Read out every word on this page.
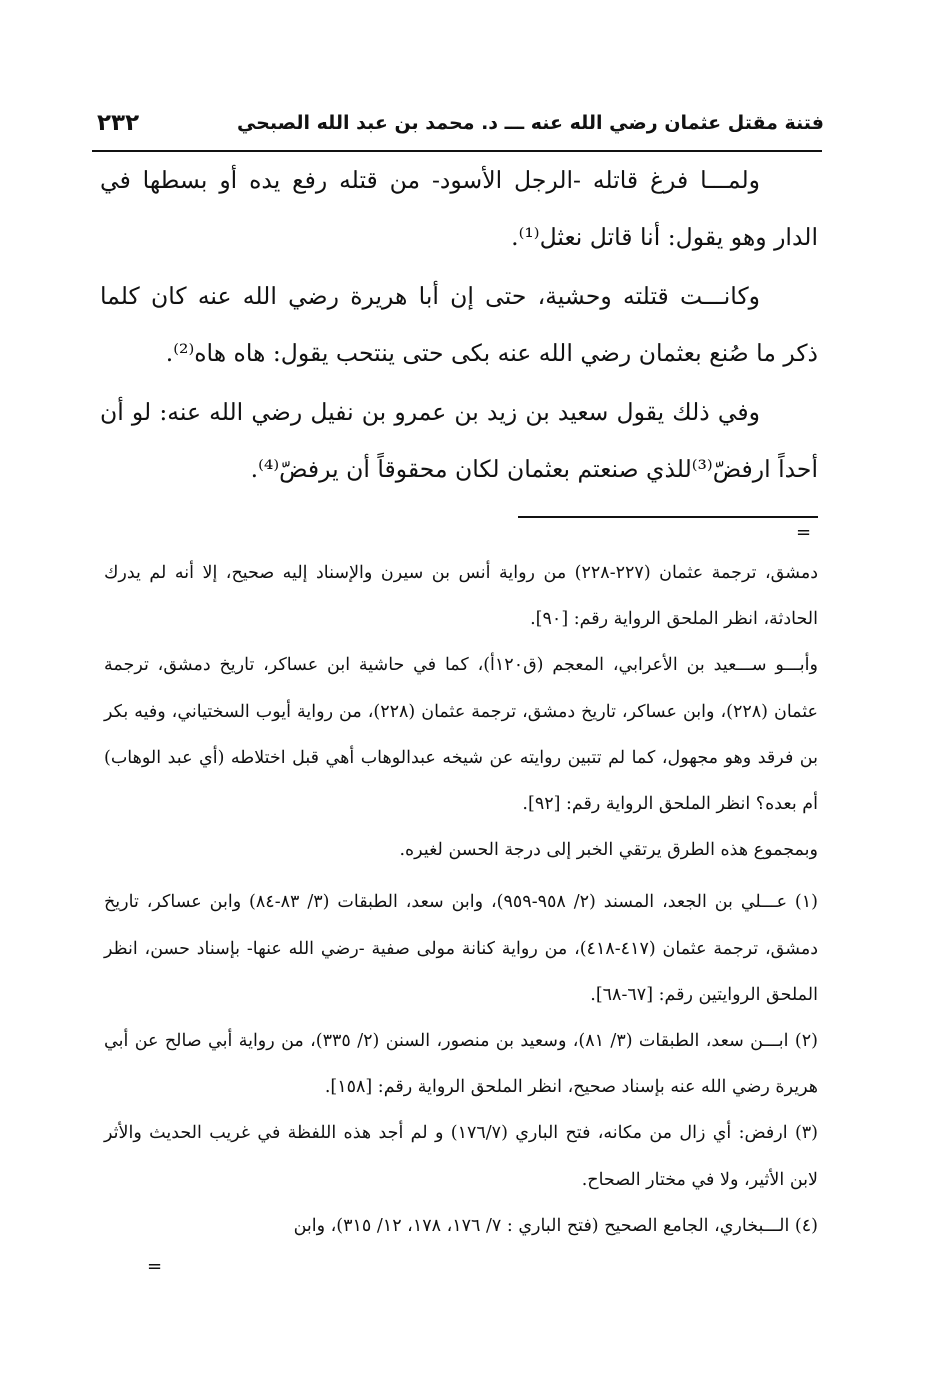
فتنة مقتل عثمان رضي الله عنه ـــ د. محمد بن عبد الله الصبحي
٢٣٢

ولمـــا فرغ قاتله -الرجل الأسود- من قتله رفع يده أو بسطها في الدار وهو يقول: أنا قاتل نعثل⁽¹⁾.

وكانـــت قتلته وحشية، حتى إن أبا هريرة رضي الله عنه كان كلما ذكر ما صُنع بعثمان رضي الله عنه بكى حتى ينتحب يقول: هاه هاه⁽²⁾.

وفي ذلك يقول سعيد بن زيد بن عمرو بن نفيل رضي الله عنه: لو أن أحداً ارفضّ⁽³⁾للذي صنعتم بعثمان لكان محقوقاً أن يرفضّ⁽⁴⁾.

=

دمشق، ترجمة عثمان (٢٢٧-٢٢٨) من رواية أنس بن سيرن والإسناد إليه صحيح، إلا أنه لم يدرك الحادثة، انظر الملحق الرواية رقم: [٩٠].

وأبـــو ســـعيد بن الأعرابي، المعجم (ق١٢٠أ)، كما في حاشية ابن عساكر، تاريخ دمشق، ترجمة عثمان (٢٢٨)، وابن عساكر، تاريخ دمشق، ترجمة عثمان (٢٢٨)، من رواية أيوب السختياني، وفيه بكر بن فرقد وهو مجهول، كما لم تتبين روايته عن شيخه عبدالوهاب أهي قبل اختلاطه (أي عبد الوهاب) أم بعده؟ انظر الملحق الرواية رقم: [٩٢].

وبمجموع هذه الطرق يرتقي الخبر إلى درجة الحسن لغيره.

(١) عـــلي بن الجعد، المسند (٢/ ٩٥٨-٩٥٩)، وابن سعد، الطبقات (٣/ ٨٣-٨٤) وابن عساكر، تاريخ دمشق، ترجمة عثمان (٤١٧-٤١٨)، من رواية كنانة مولى صفية -رضي الله عنها- بإسناد حسن، انظر الملحق الروايتين رقم: [٦٧-٦٨].

(٢) ابـــن سعد، الطبقات (٣/ ٨١)، وسعيد بن منصور، السنن (٢/ ٣٣٥)، من رواية أبي صالح عن أبي هريرة رضي الله عنه بإسناد صحيح، انظر الملحق الرواية رقم: [١٥٨].

(٣) ارفض: أي زال من مكانه، فتح الباري (١٧٦/٧) و لم أجد هذه اللفظة في غريب الحديث والأثر لابن الأثير، ولا في مختار الصحاح.

(٤) الـــبخاري، الجامع الصحيح (فتح الباري : ٧/ ١٧٦، ١٧٨، ١٢/ ٣١٥)، وابن

=
